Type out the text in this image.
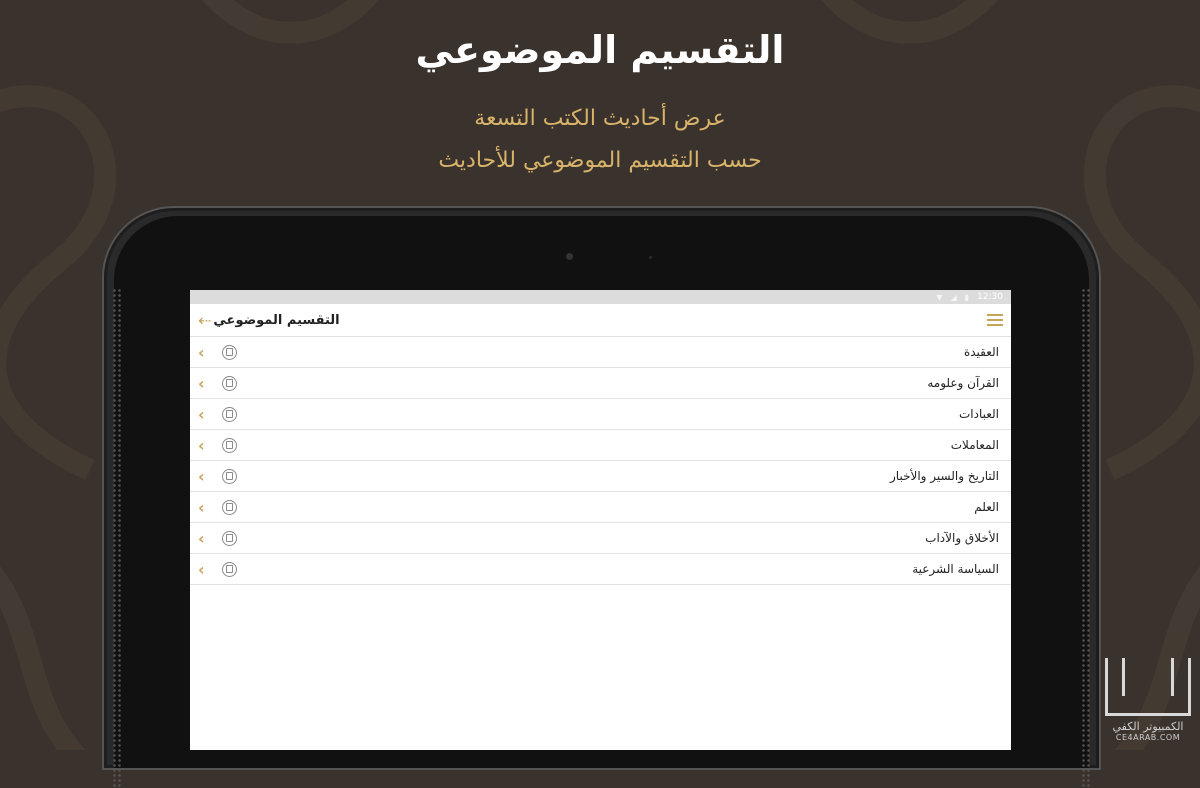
التقسيم الموضوعي
عرض أحاديث الكتب التسعة
حسب التقسيم الموضوعي للأحاديث
▼ ◢ ▮ 12:30
التقسيم الموضوعي
⇠
‹	العقيدة
‹	القرآن وعلومه
‹	العبادات
‹	المعاملات
‹	التاريخ والسير والأخبار
‹	العلم
‹	الأخلاق والآداب
‹	السياسة الشرعية
الكمبيوتر الكفي
CE4ARAB.COM
